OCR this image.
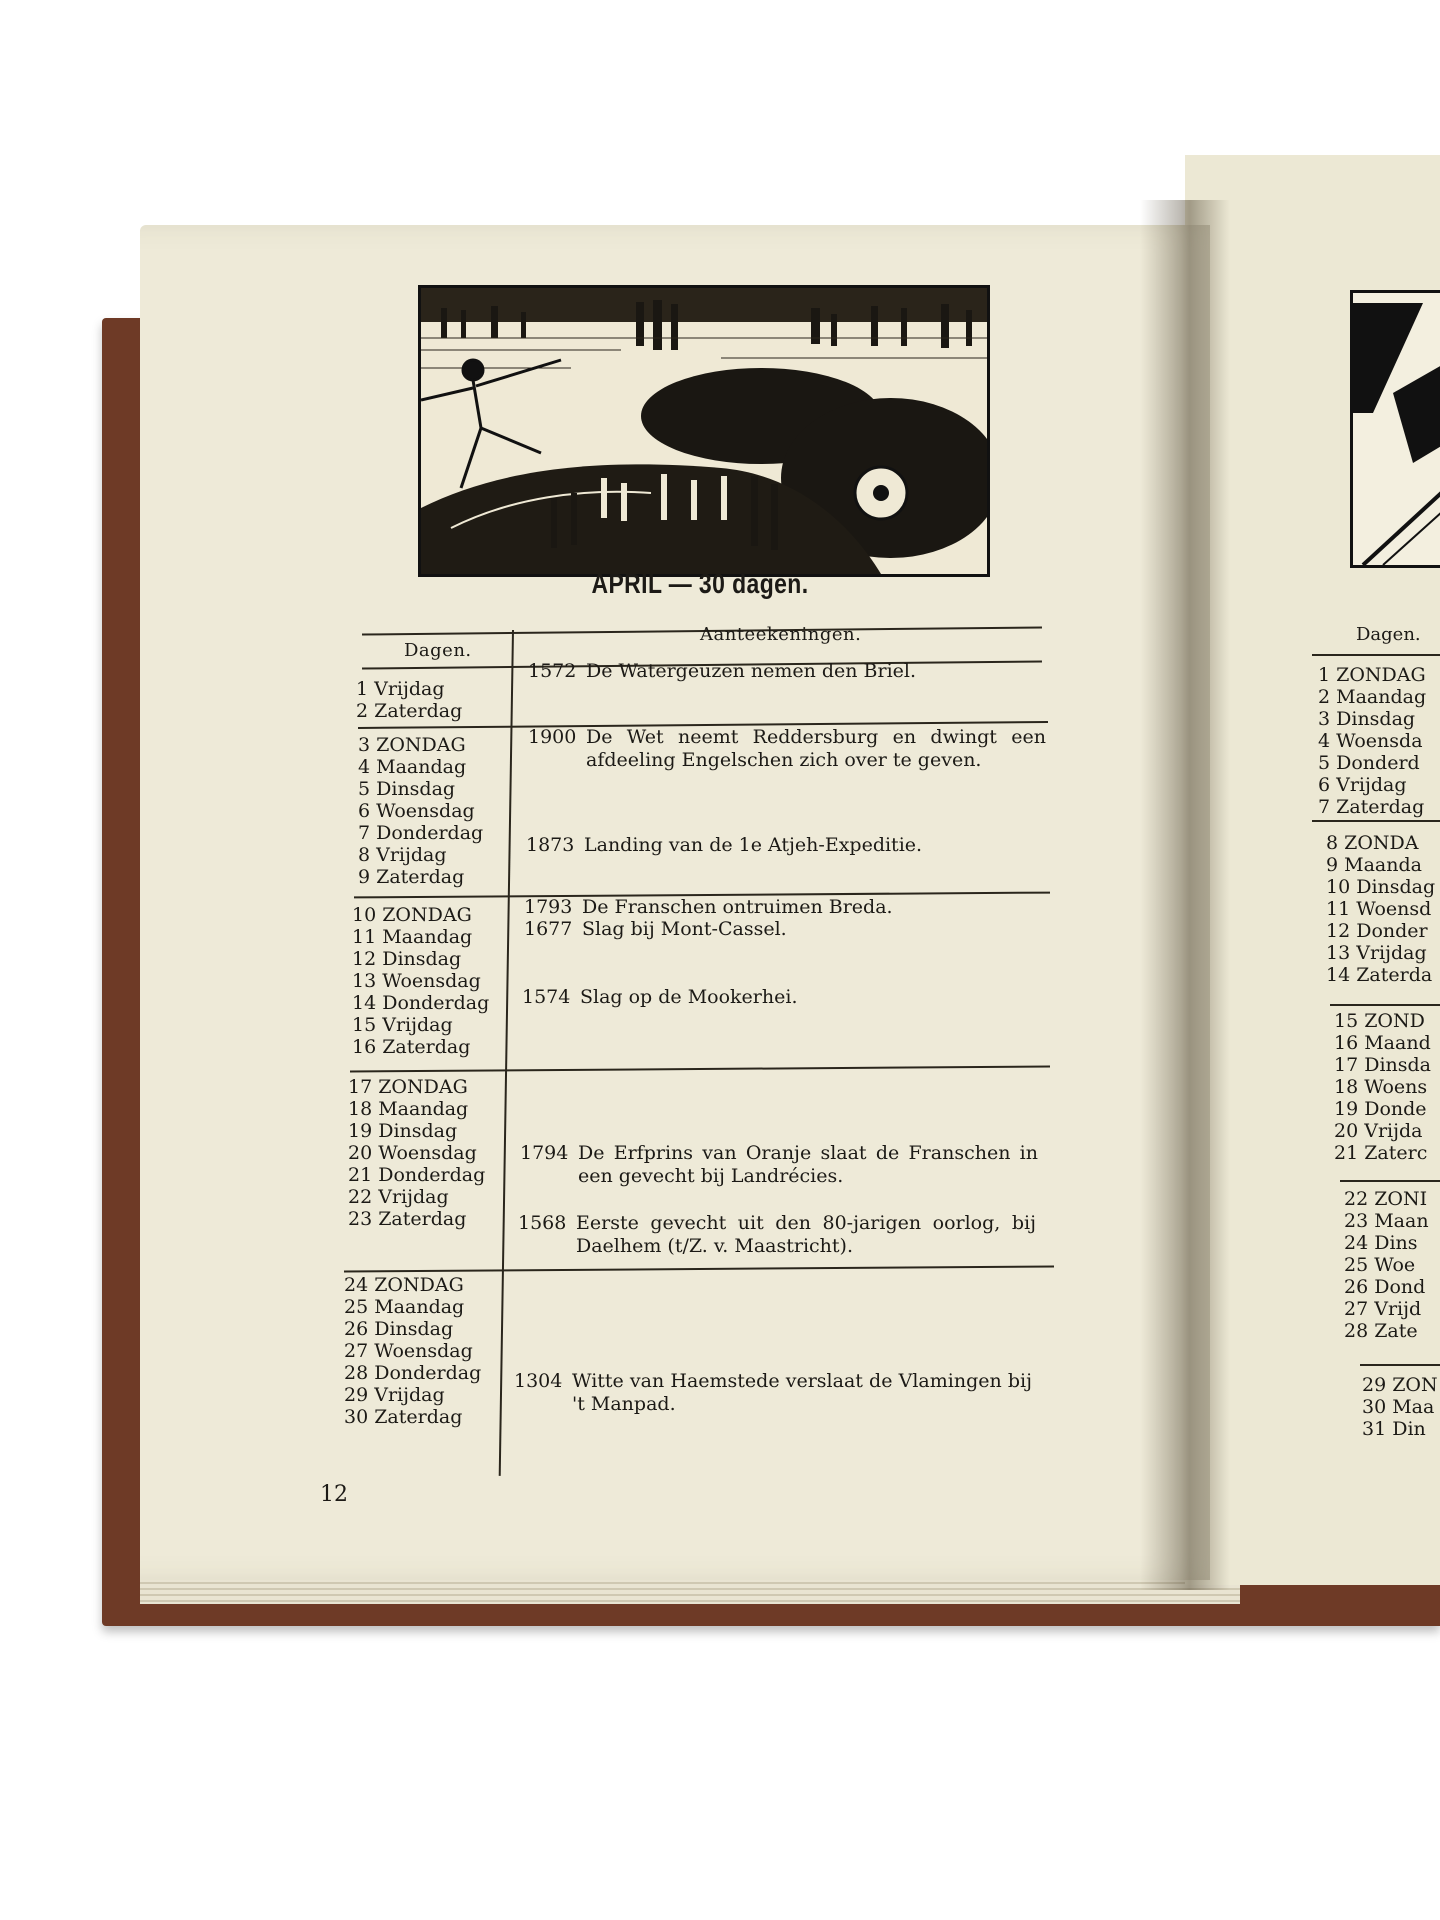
APRIL — 30 dagen.
Dagen.
Aanteekeningen.
1 Vrijdag
2 Zaterdag
3 ZONDAG
4 Maandag
5 Dinsdag
6 Woensdag
7 Donderdag
8 Vrijdag
9 Zaterdag
10 ZONDAG
11 Maandag
12 Dinsdag
13 Woensdag
14 Donderdag
15 Vrijdag
16 Zaterdag
17 ZONDAG
18 Maandag
19 Dinsdag
20 Woensdag
21 Donderdag
22 Vrijdag
23 Zaterdag
24 ZONDAG
25 Maandag
26 Dinsdag
27 Woensdag
28 Donderdag
29 Vrijdag
30 Zaterdag
1572 De Watergeuzen nemen den Briel.
1900 De Wet neemt Reddersburg en dwingt een afdeeling Engelschen zich over te geven.
1873 Landing van de 1e Atjeh-Expeditie.
1793 De Franschen ontruimen Breda.
1677 Slag bij Mont-Cassel.
1574 Slag op de Mookerhei.
1794 De Erfprins van Oranje slaat de Franschen in een gevecht bij Landrécies.
1568 Eerste gevecht uit den 80-jarigen oorlog, bij Daelhem (t/Z. v. Maastricht).
1304 Witte van Haemstede verslaat de Vlamingen bij 't Manpad.
12
Dagen.
1 ZONDAG
2 Maandag
3 Dinsdag
4 Woensda
5 Donderd
6 Vrijdag
7 Zaterdag
8 ZONDA
9 Maanda
10 Dinsdag
11 Woensd
12 Donder
13 Vrijdag
14 Zaterda
15 ZOND
16 Maand
17 Dinsda
18 Woens
19 Donde
20 Vrijda
21 Zaterc
22 ZONI
23 Maan
24 Dins
25 Woe
26 Dond
27 Vrijd
28 Zate
29 ZON
30 Maa
31 Din
